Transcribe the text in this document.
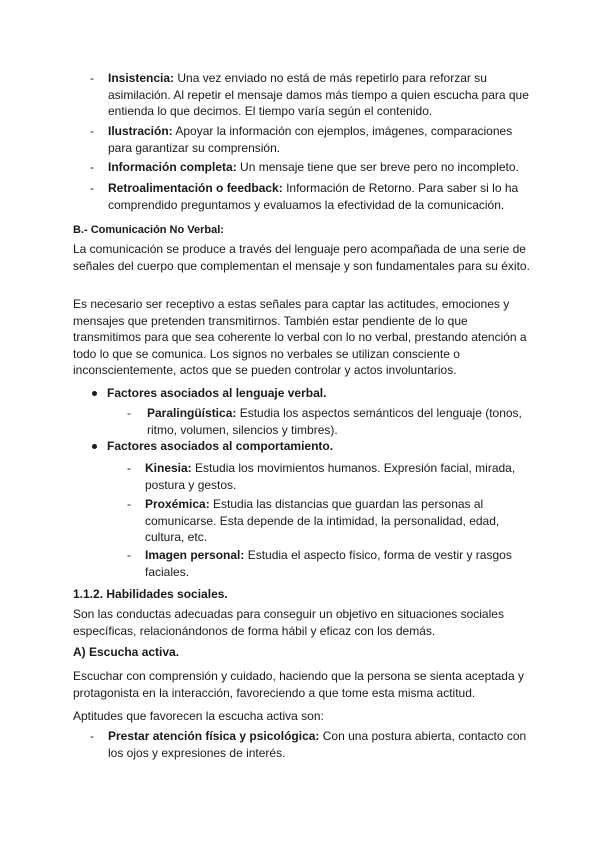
-	Insistencia: Una vez enviado no está de más repetirlo para reforzar su asimilación. Al repetir el mensaje damos más tiempo a quien escucha para que entienda lo que decimos. El tiempo varía según el contenido.
-	Ilustración: Apoyar la información con ejemplos, imágenes, comparaciones para garantizar su comprensión.
-	Información completa: Un mensaje tiene que ser breve pero no incompleto.
-	Retroalimentación o feedback: Información de Retorno. Para saber si lo ha comprendido preguntamos y evaluamos la efectividad de la comunicación.
B.- Comunicación No Verbal:

La comunicación se produce a través del lenguaje pero acompañada de una serie de señales del cuerpo que complementan el mensaje y son fundamentales para su éxito.

Es necesario ser receptivo a estas señales para captar las actitudes, emociones y mensajes que pretenden transmitirnos. También estar pendiente de lo que transmitimos para que sea coherente lo verbal con lo no verbal, prestando atención a todo lo que se comunica. Los signos no verbales se utilizan consciente o inconscientemente, actos que se pueden controlar y actos involuntarios.

Factores asociados al lenguaje verbal.
-	Paralingüística: Estudia los aspectos semánticos del lenguaje (tonos, ritmo, volumen, silencios y timbres).
Factores asociados al comportamiento.
-	Kinesia: Estudia los movimientos humanos. Expresión facial, mirada, postura y gestos.
-	Proxémica: Estudia las distancias que guardan las personas al comunicarse. Esta depende de la intimidad, la personalidad, edad, cultura, etc.
-	Imagen personal: Estudia el aspecto físico, forma de vestir y rasgos faciales.
1.1.2. Habilidades sociales.

Son las conductas adecuadas para conseguir un objetivo en situaciones sociales específicas, relacionándonos de forma hábil y eficaz con los demás.

A) Escucha activa.

Escuchar con comprensión y cuidado, haciendo que la persona se sienta aceptada y protagonista en la interacción, favoreciendo a que tome esta misma actitud.

Aptitudes que favorecen la escucha activa son:

-	Prestar atención física y psicológica: Con una postura abierta, contacto con los ojos y expresiones de interés.
